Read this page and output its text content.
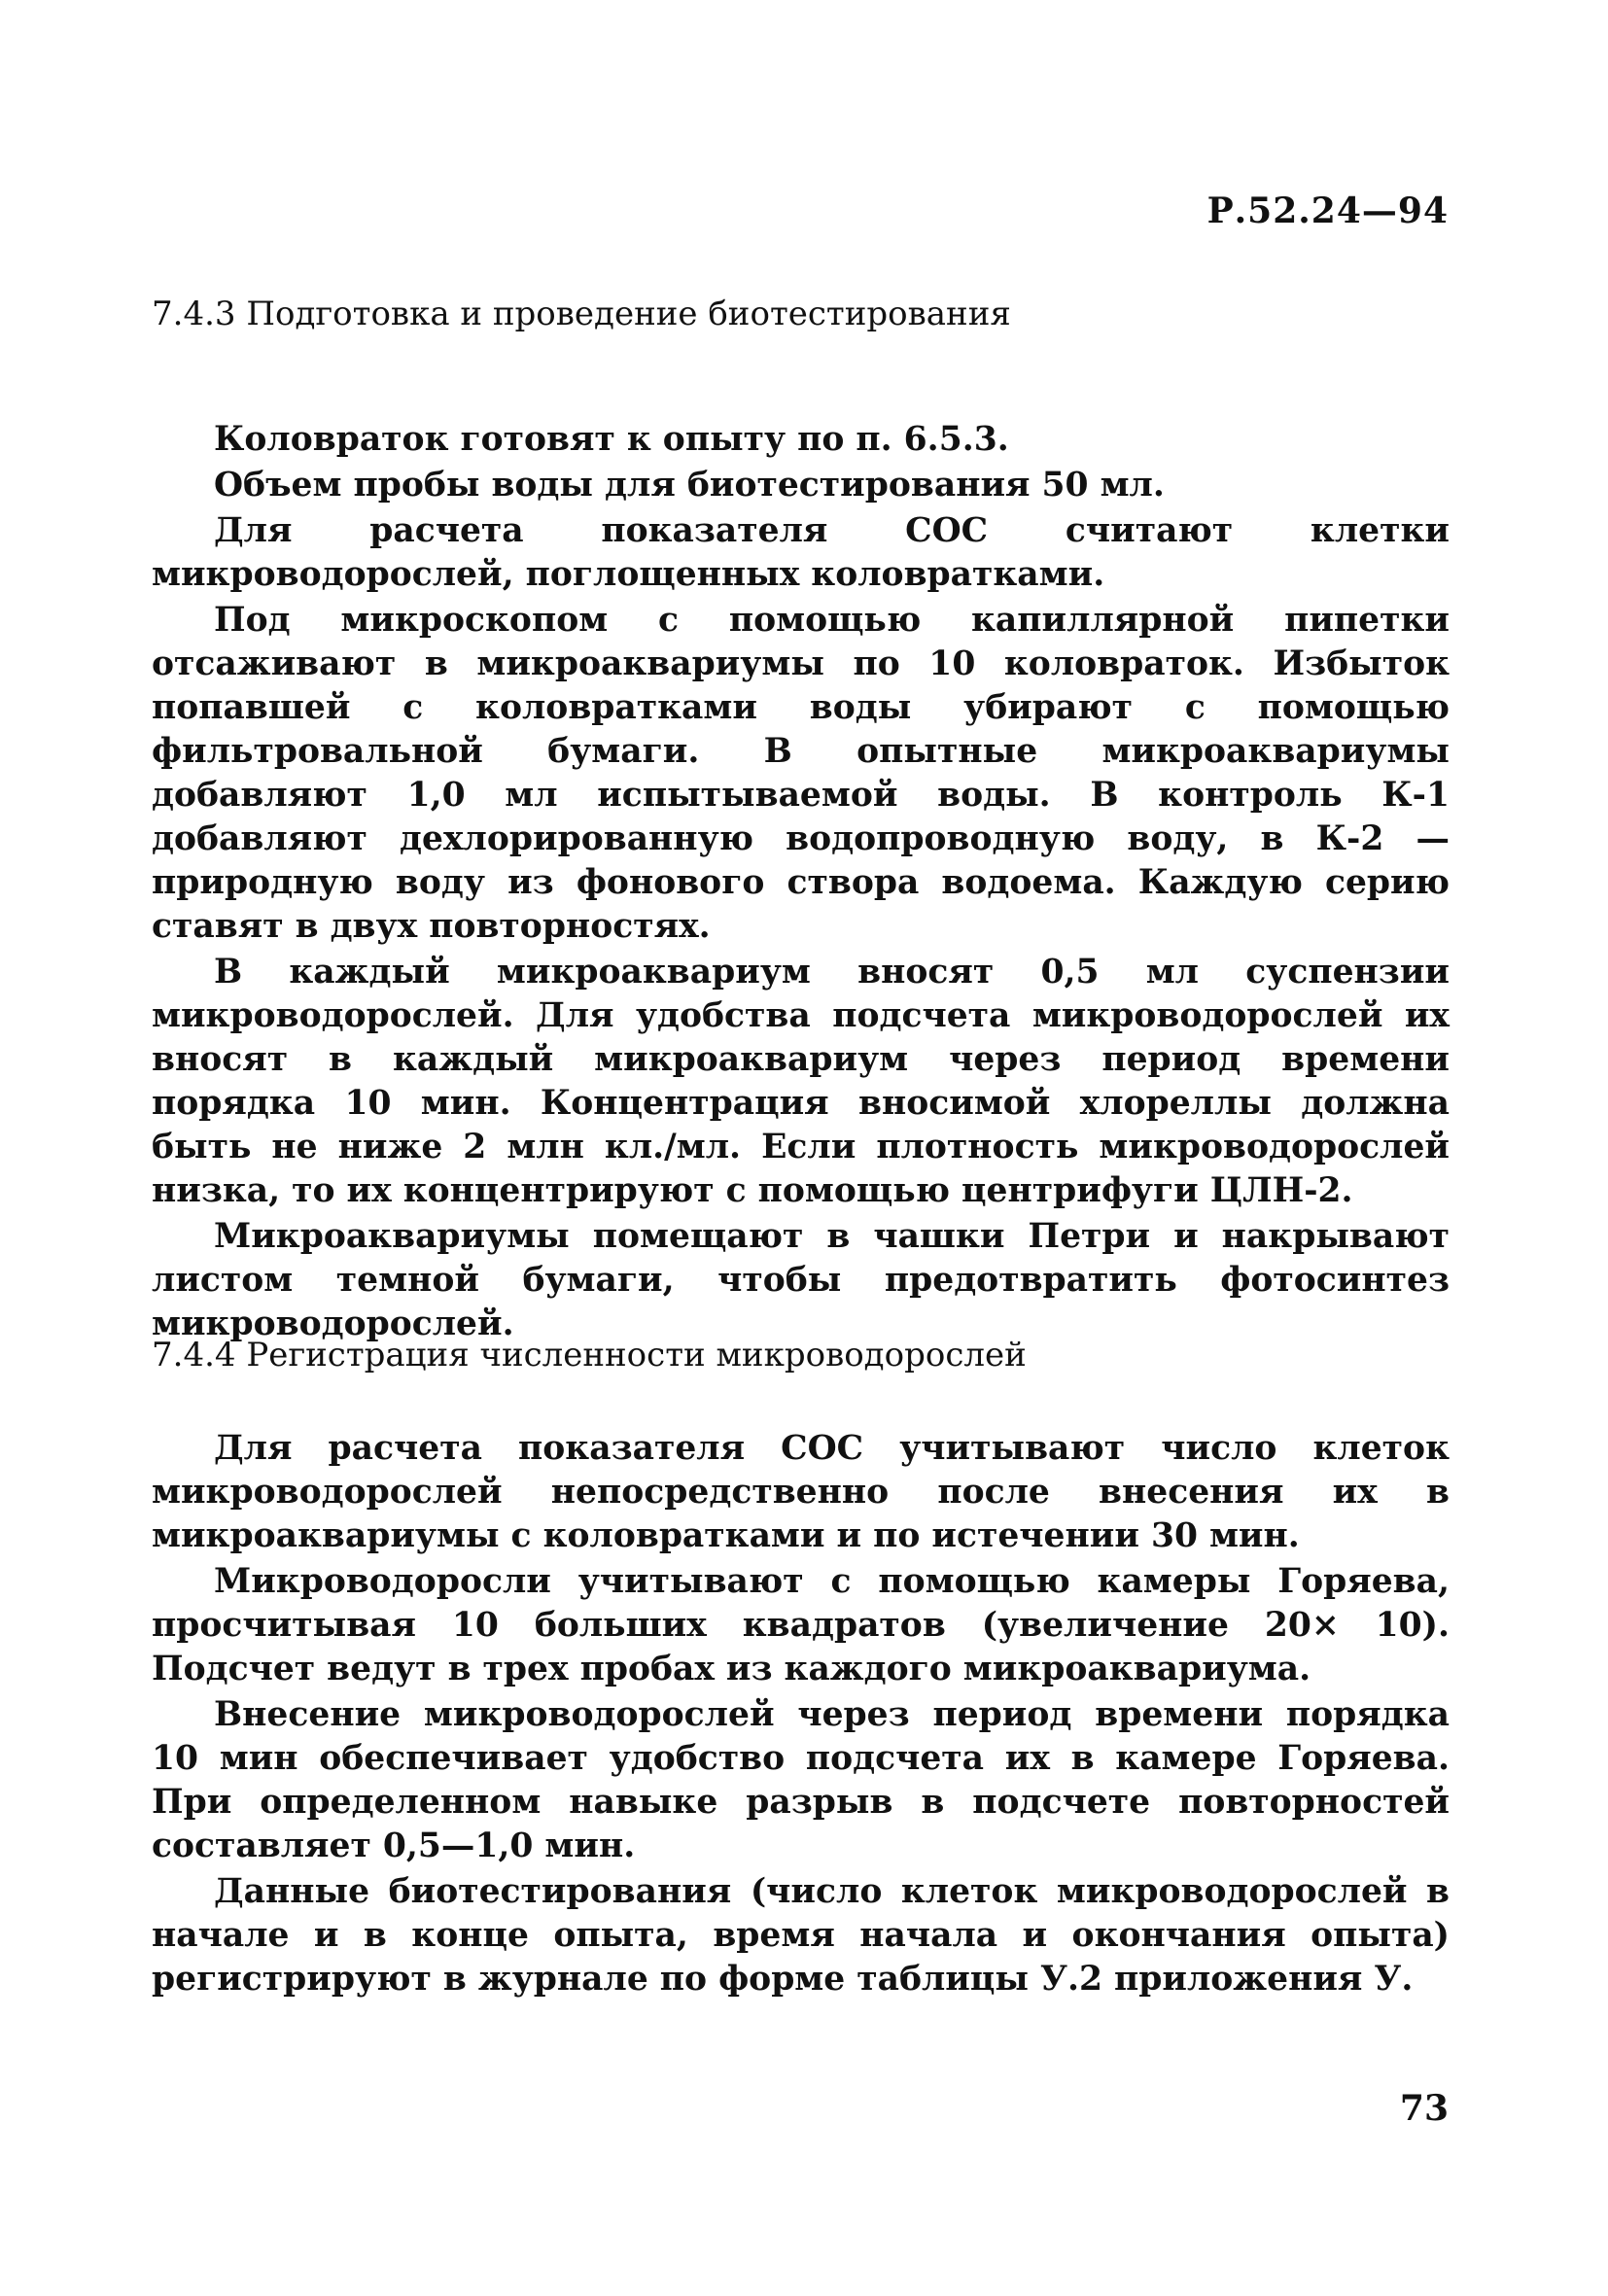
Р.52.24—94
7.4.3 Подготовка и проведение биотестирования

Коловраток готовят к опыту по п. 6.5.3.

Объем пробы воды для биотестирования 50 мл.

Для расчета показателя СОС считают клетки микроводорослей, поглощенных коловратками.

Под микроскопом с помощью капиллярной пипетки отсаживают в микроаквариумы по 10 коловраток. Избыток попавшей с коловратками воды убирают с помощью фильтровальной бумаги. В опытные микроаквариумы добавляют 1,0 мл испытываемой воды. В контроль К-1 добавляют дехлорированную водопроводную воду, в К-2 — природную воду из фонового створа водоема. Каждую серию ставят в двух повторностях.

В каждый микроаквариум вносят 0,5 мл суспензии микроводорослей. Для удобства подсчета микроводорослей их вносят в каждый микроаквариум через период времени порядка 10 мин. Концентрация вносимой хлореллы должна быть не ниже 2 млн кл./мл. Если плотность микроводорослей низка, то их концентрируют с помощью центрифуги ЦЛН-2.

Микроаквариумы помещают в чашки Петри и накрывают листом темной бумаги, чтобы предотвратить фотосинтез микроводорослей.

7.4.4 Регистрация численности микроводорослей

Для расчета показателя СОС учитывают число клеток микроводорослей непосредственно после внесения их в микроаквариумы с коловратками и по истечении 30 мин.

Микроводоросли учитывают с помощью камеры Горяева, просчитывая 10 больших квадратов (увеличение 20× 10). Подсчет ведут в трех пробах из каждого микроаквариума.

Внесение микроводорослей через период времени порядка 10 мин обеспечивает удобство подсчета их в камере Горяева. При определенном навыке разрыв в подсчете повторностей составляет 0,5—1,0 мин.

Данные биотестирования (число клеток микроводорослей в начале и в конце опыта, время начала и окончания опыта) регистрируют в журнале по форме таблицы У.2 приложения У.

73
